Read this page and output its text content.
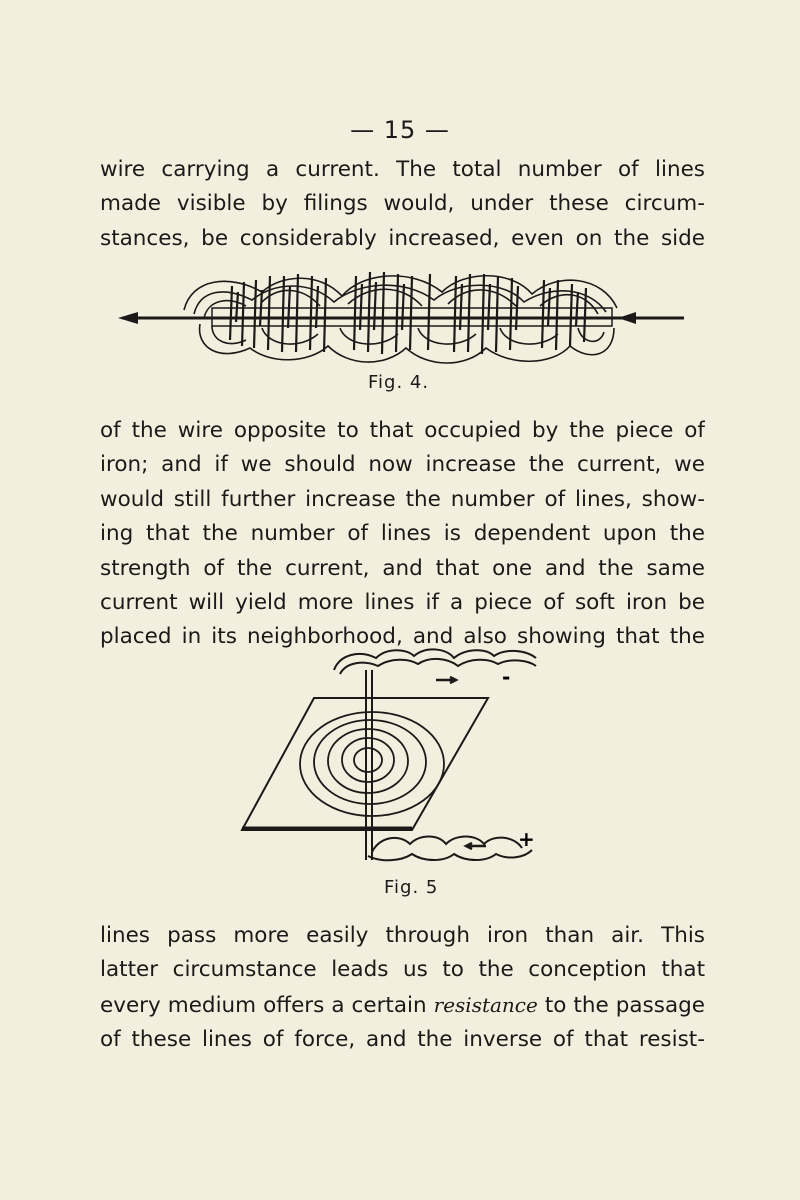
— 15 —
wire carrying a current. The total number of lines
made visible by filings would, under these circum-
stances, be considerably increased, even on the side
Fig. 4.
of the wire opposite to that occupied by the piece of
iron; and if we should now increase the current, we
would still further increase the number of lines, show-
ing that the number of lines is dependent upon the
strength of the current, and that one and the same
current will yield more lines if a piece of soft iron be
placed in its neighborhood, and also showing that the
-
+
Fig. 5
lines pass more easily through iron than air. This
latter circumstance leads us to the conception that
every medium offers a certain resistance to the passage
of these lines of force, and the inverse of that resist-
